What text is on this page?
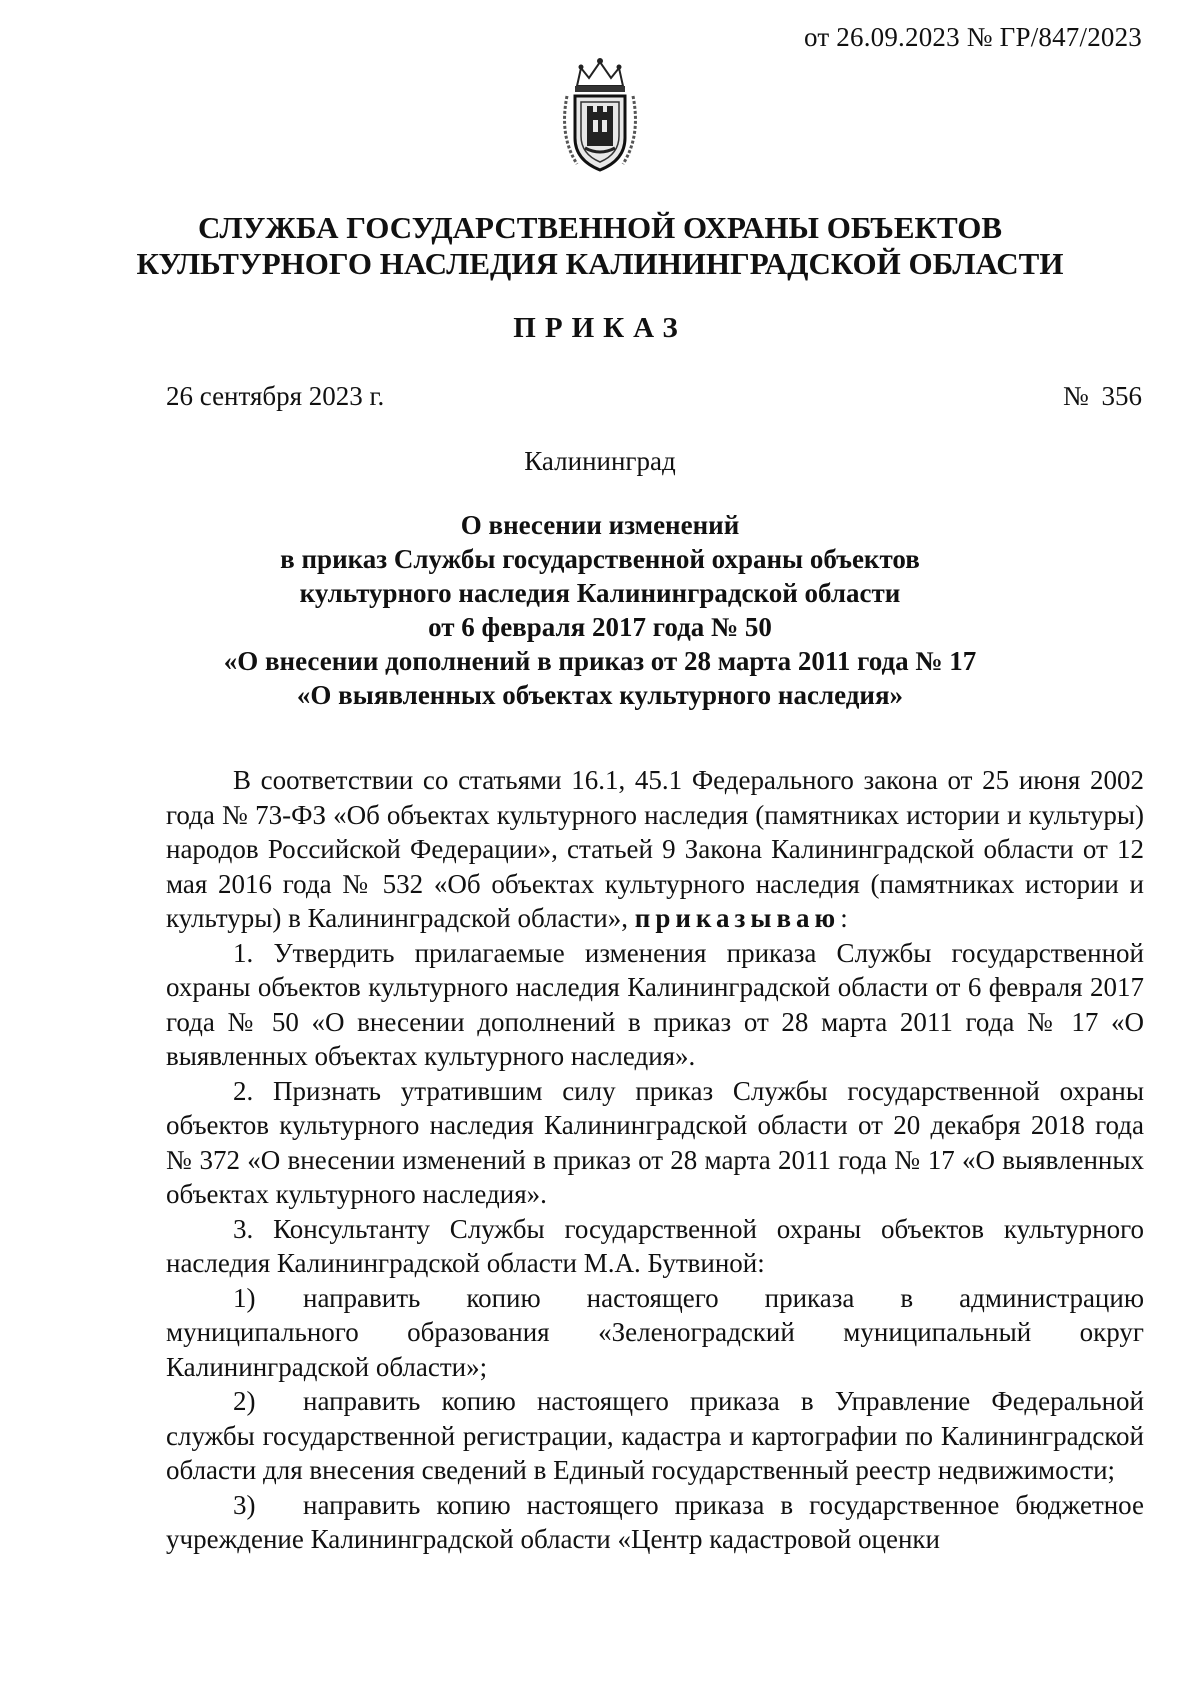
от 26.09.2023 № ГР/847/2023
СЛУЖБА ГОСУДАРСТВЕННОЙ ОХРАНЫ ОБЪЕКТОВ
КУЛЬТУРНОГО НАСЛЕДИЯ КАЛИНИНГРАДСКОЙ ОБЛАСТИ
ПРИКАЗ
26 сентября 2023 г.	№ 356
Калининград
О внесении изменений
в приказ Службы государственной охраны объектов
культурного наследия Калининградской области
от 6 февраля 2017 года № 50
«О внесении дополнений в приказ от 28 марта 2011 года № 17
«О выявленных объектах культурного наследия»

В соответствии со статьями 16.1, 45.1 Федерального закона от 25 июня 2002 года № 73-ФЗ «Об объектах культурного наследия (памятниках истории и культуры) народов Российской Федерации», статьей 9 Закона Калининградской области от 12 мая 2016 года № 532 «Об объектах культурного наследия (памятниках истории и культуры) в Калининградской области», приказываю:

1. Утвердить прилагаемые изменения приказа Службы государственной охраны объектов культурного наследия Калининградской области от 6 февраля 2017 года № 50 «О внесении дополнений в приказ от 28 марта 2011 года № 17 «О выявленных объектах культурного наследия».

2. Признать утратившим силу приказ Службы государственной охраны объектов культурного наследия Калининградской области от 20 декабря 2018 года № 372 «О внесении изменений в приказ от 28 марта 2011 года № 17 «О выявленных объектах культурного наследия».

3. Консультанту Службы государственной охраны объектов культурного наследия Калининградской области М.А. Бутвиной:

1) направить копию настоящего приказа в администрацию муниципального образования «Зеленоградский муниципальный округ Калининградской области»;

2) направить копию настоящего приказа в Управление Федеральной службы государственной регистрации, кадастра и картографии по Калининградской области для внесения сведений в Единый государственный реестр недвижимости;

3) направить копию настоящего приказа в государственное бюджетное учреждение Калининградской области «Центр кадастровой оценки
